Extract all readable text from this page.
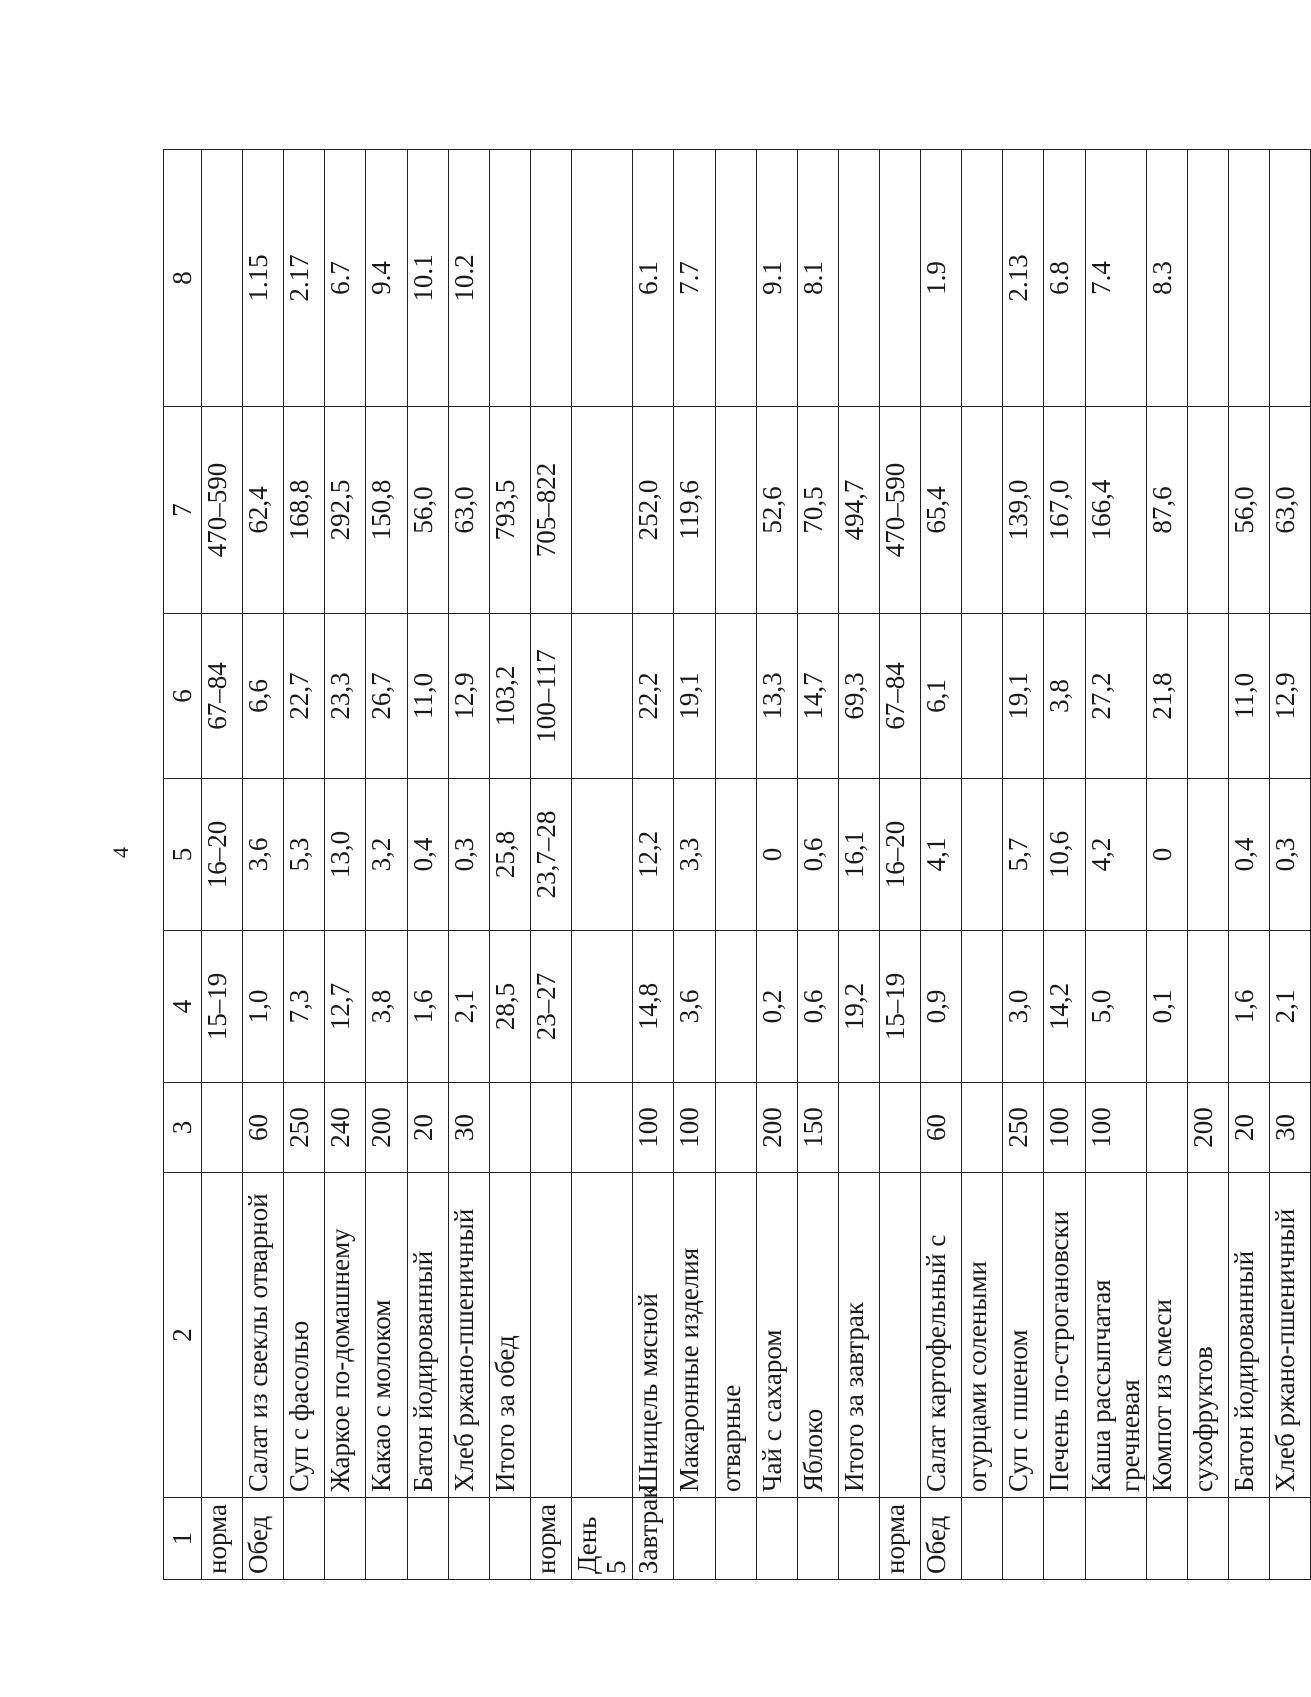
4
1	2	3	4	5	6	7	8
норма			15–19	16–20	67–84	470–590	
Обед	Салат из свеклы отварной	60	1,0	3,6	6,6	62,4	1.15
	Суп с фасолью	250	7,3	5,3	22,7	168,8	2.17
	Жаркое по-домашнему	240	12,7	13,0	23,3	292,5	6.7
	Какао с молоком	200	3,8	3,2	26,7	150,8	9.4
	Батон йодированный	20	1,6	0,4	11,0	56,0	10.1
	Хлеб ржано-пшеничный	30	2,1	0,3	12,9	63,0	10.2
	Итого за обед		28,5	25,8	103,2	793,5	
норма			23–27	23,7–28	100–117	705–822	
День 5							
Завтрак	Шницель мясной	100	14,8	12,2	22,2	252,0	6.1
	Макаронные изделия	100	3,6	3,3	19,1	119,6	7.7
	отварные						
	Чай с сахаром	200	0,2	0	13,3	52,6	9.1
	Яблоко	150	0,6	0,6	14,7	70,5	8.1
	Итого за завтрак		19,2	16,1	69,3	494,7	
норма			15–19	16–20	67–84	470–590	
Обед	Салат картофельный с	60	0,9	4,1	6,1	65,4	1.9
	огурцами солеными						
	Суп с пшеном	250	3,0	5,7	19,1	139,0	2.13
	Печень по-строгановски	100	14,2	10,6	3,8	167,0	6.8
	Каша рассыпчатая гречневая	100	5,0	4,2	27,2	166,4	7.4
	Компот из смеси		0,1	0	21,8	87,6	8.3
	сухофруктов	200					
	Батон йодированный	20	1,6	0,4	11,0	56,0	
	Хлеб ржано-пшеничный	30	2,1	0,3	12,9	63,0	
